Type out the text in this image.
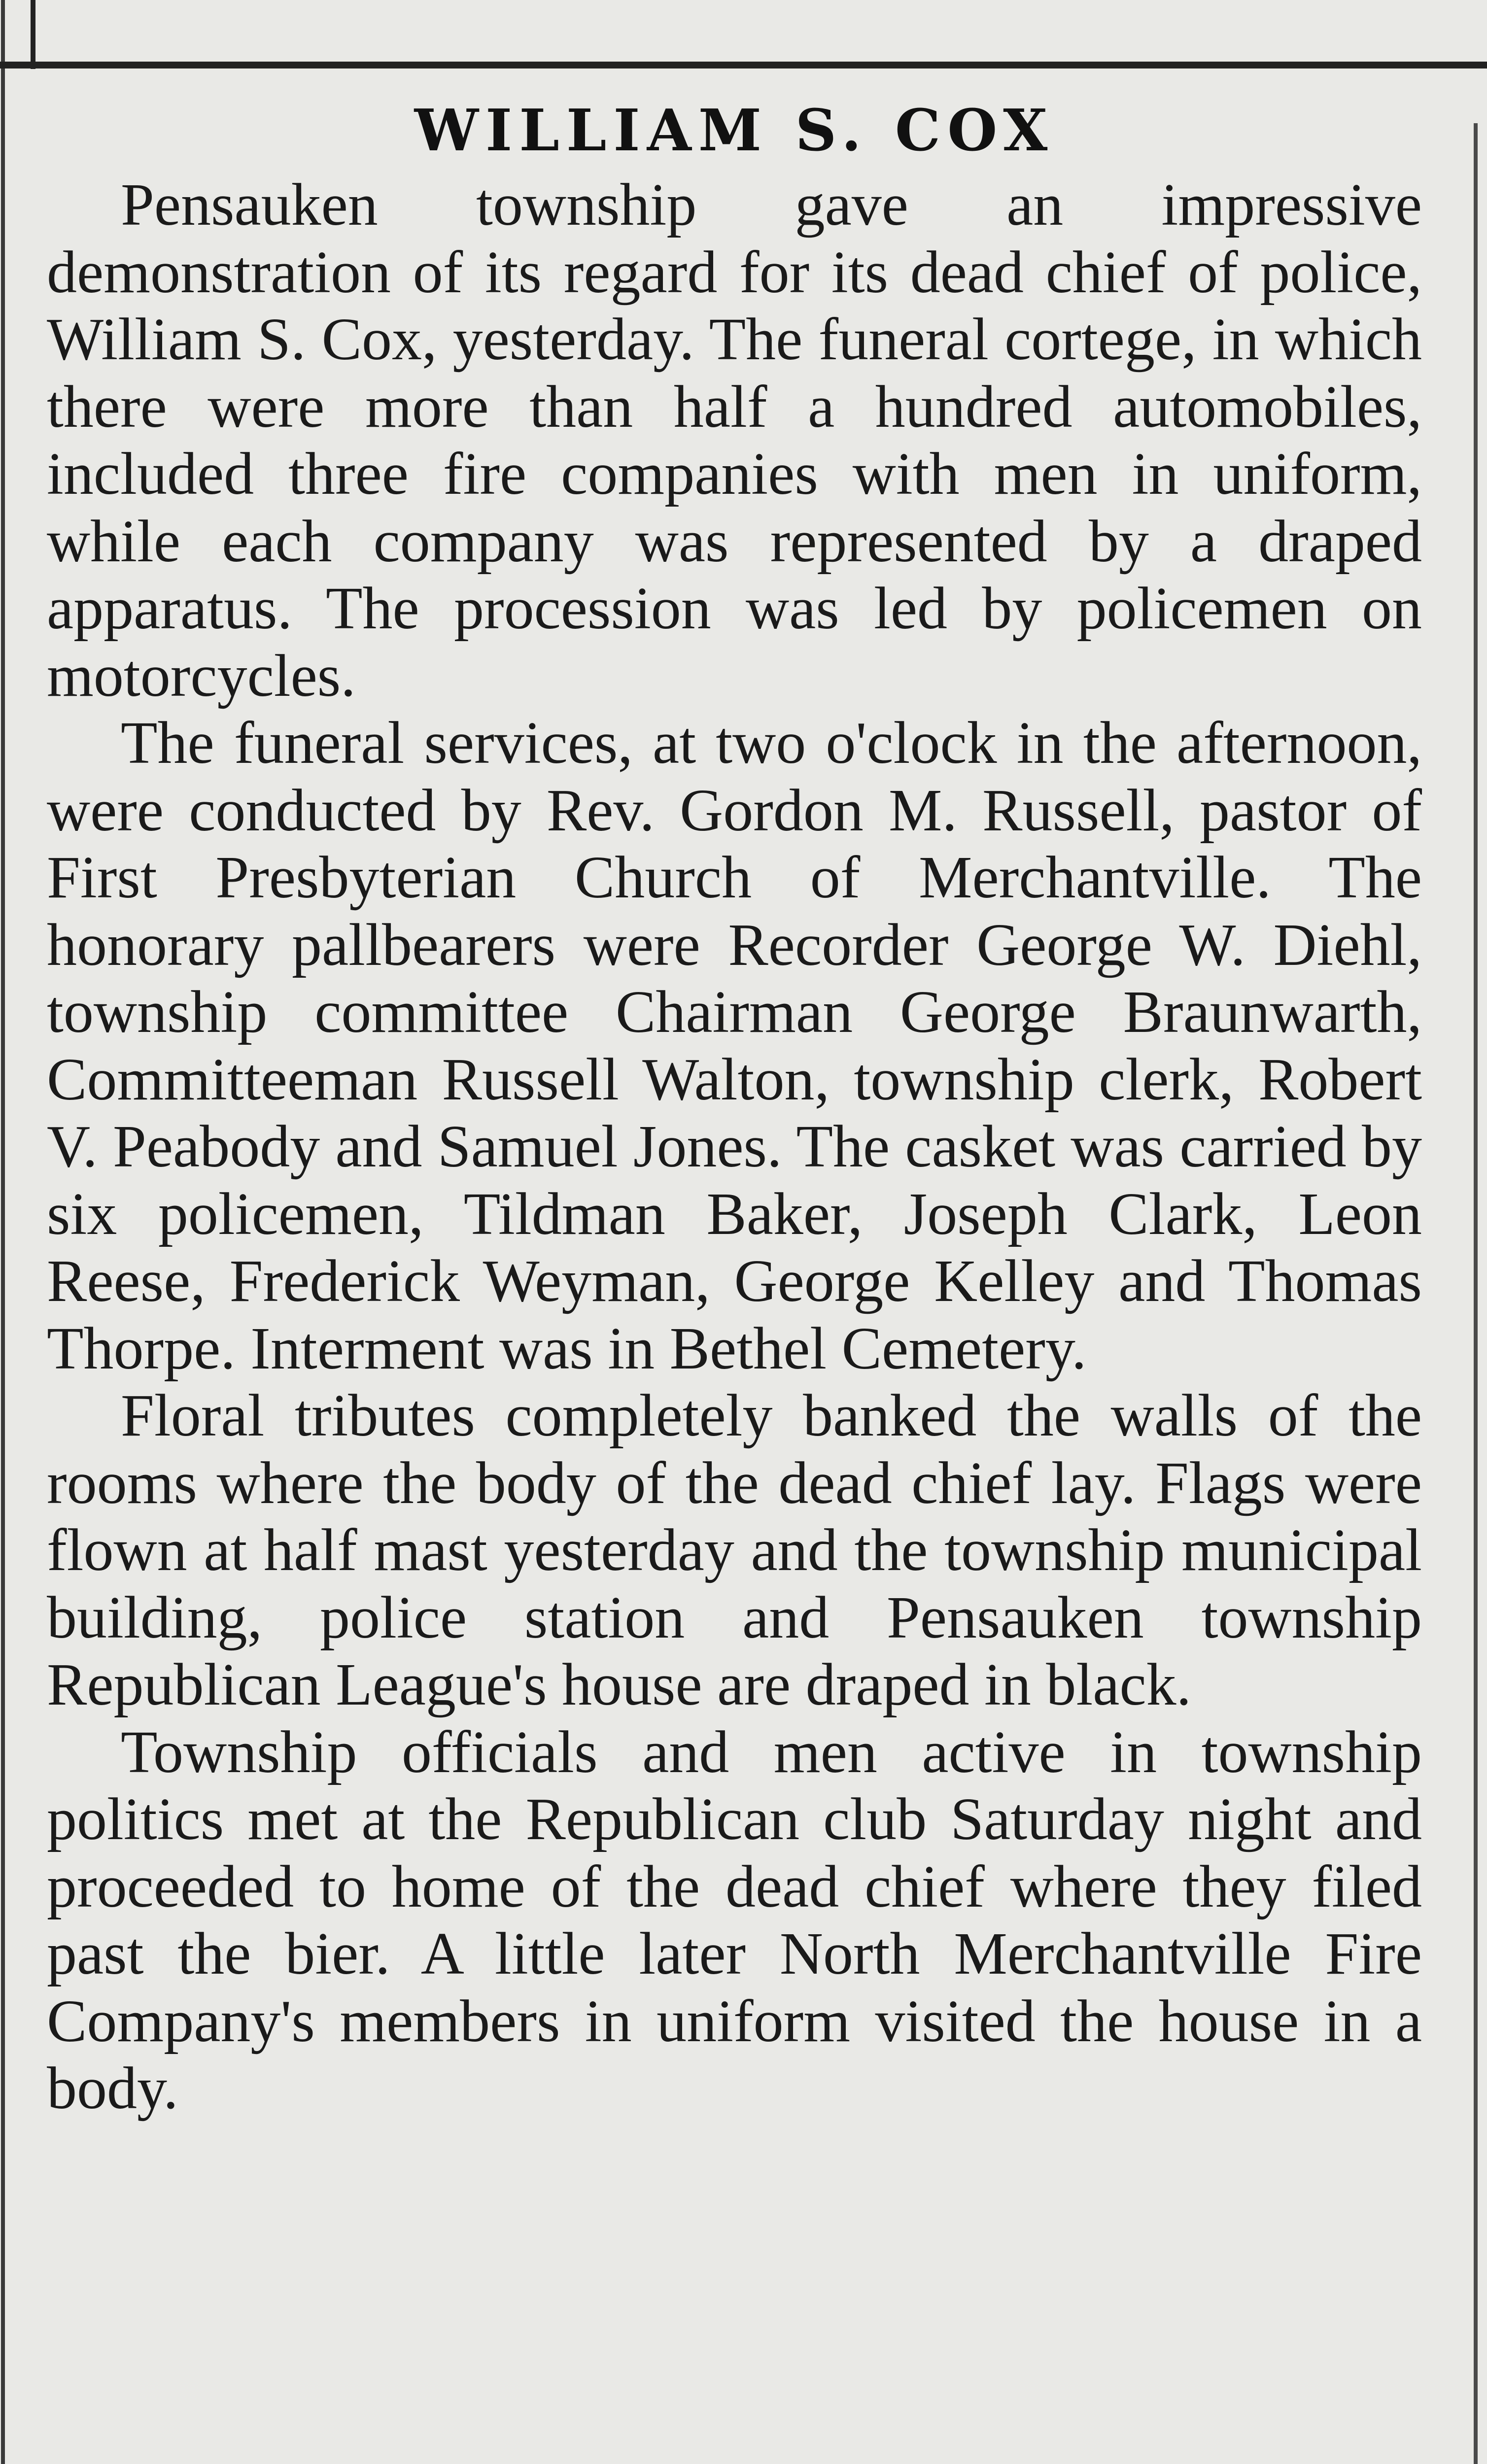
WILLIAM S. COX

Pensauken township gave an impressive demonstration of its regard for its dead chief of police, William S. Cox, yesterday. The funeral cortege, in which there were more than half a hundred automobiles, included three fire companies with men in uniform, while each company was represented by a draped apparatus. The procession was led by policemen on motorcycles.

The funeral services, at two o'clock in the afternoon, were conducted by Rev. Gordon M. Russell, pastor of First Presbyterian Church of Merchantville. The honorary pallbearers were Recorder George W. Diehl, township committee Chairman George Braunwarth, Committeeman Russell Walton, township clerk, Robert V. Peabody and Samuel Jones. The casket was carried by six policemen, Tildman Baker, Joseph Clark, Leon Reese, Frederick Weyman, George Kelley and Thomas Thorpe. Interment was in Bethel Cemetery.

Floral tributes completely banked the walls of the rooms where the body of the dead chief lay. Flags were flown at half mast yesterday and the township municipal building, police station and Pensauken township Republican League's house are draped in black.

Township officials and men active in township politics met at the Republican club Saturday night and proceeded to home of the dead chief where they filed past the bier. A little later North Merchantville Fire Company's members in uniform visited the house in a body.
